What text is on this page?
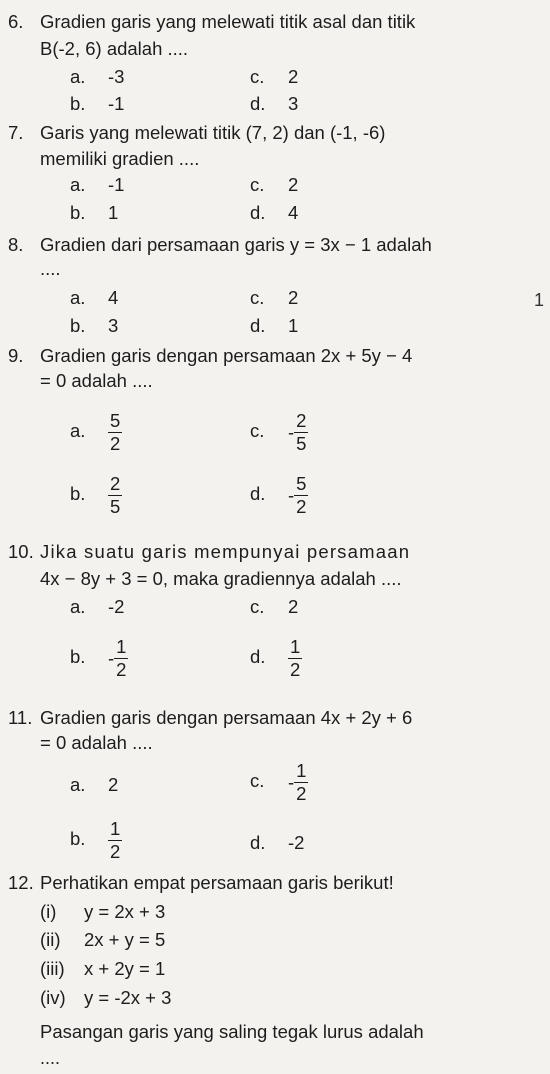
6. Gradien garis yang melewati titik asal dan titik
B(-2, 6) adalah ....
a. -3	c. 2
b. -1	d. 3
7. Garis yang melewati titik (7, 2) dan (-1, -6)
memiliki gradien ....
a. -1	c. 2
b. 1	d. 4
8. Gradien dari persamaan garis y = 3x − 1 adalah
....
a. 4	c. 2	1
b. 3	d. 1
9. Gradien garis dengan persamaan 2x + 5y − 4
= 0 adalah ....
a. $\frac{5}{2}$	c. - $\frac{2}{5}$
b. $\frac{2}{5}$	d. - $\frac{5}{2}$
10. Jika suatu garis mempunyai persamaan
4x − 8y + 3 = 0, maka gradiennya adalah ....
a. -2	c. 2
b. - $\frac{1}{2}$	d. $\frac{1}{2}$
11. Gradien garis dengan persamaan 4x + 2y + 6
= 0 adalah ....
a. 2	c. - $\frac{1}{2}$
b. $\frac{1}{2}$	d. -2
12. Perhatikan empat persamaan garis berikut!
(i) y = 2x + 3
(ii) 2x + y = 5
(iii) x + 2y = 1
(iv) y = -2x + 3
Pasangan garis yang saling tegak lurus adalah
....
